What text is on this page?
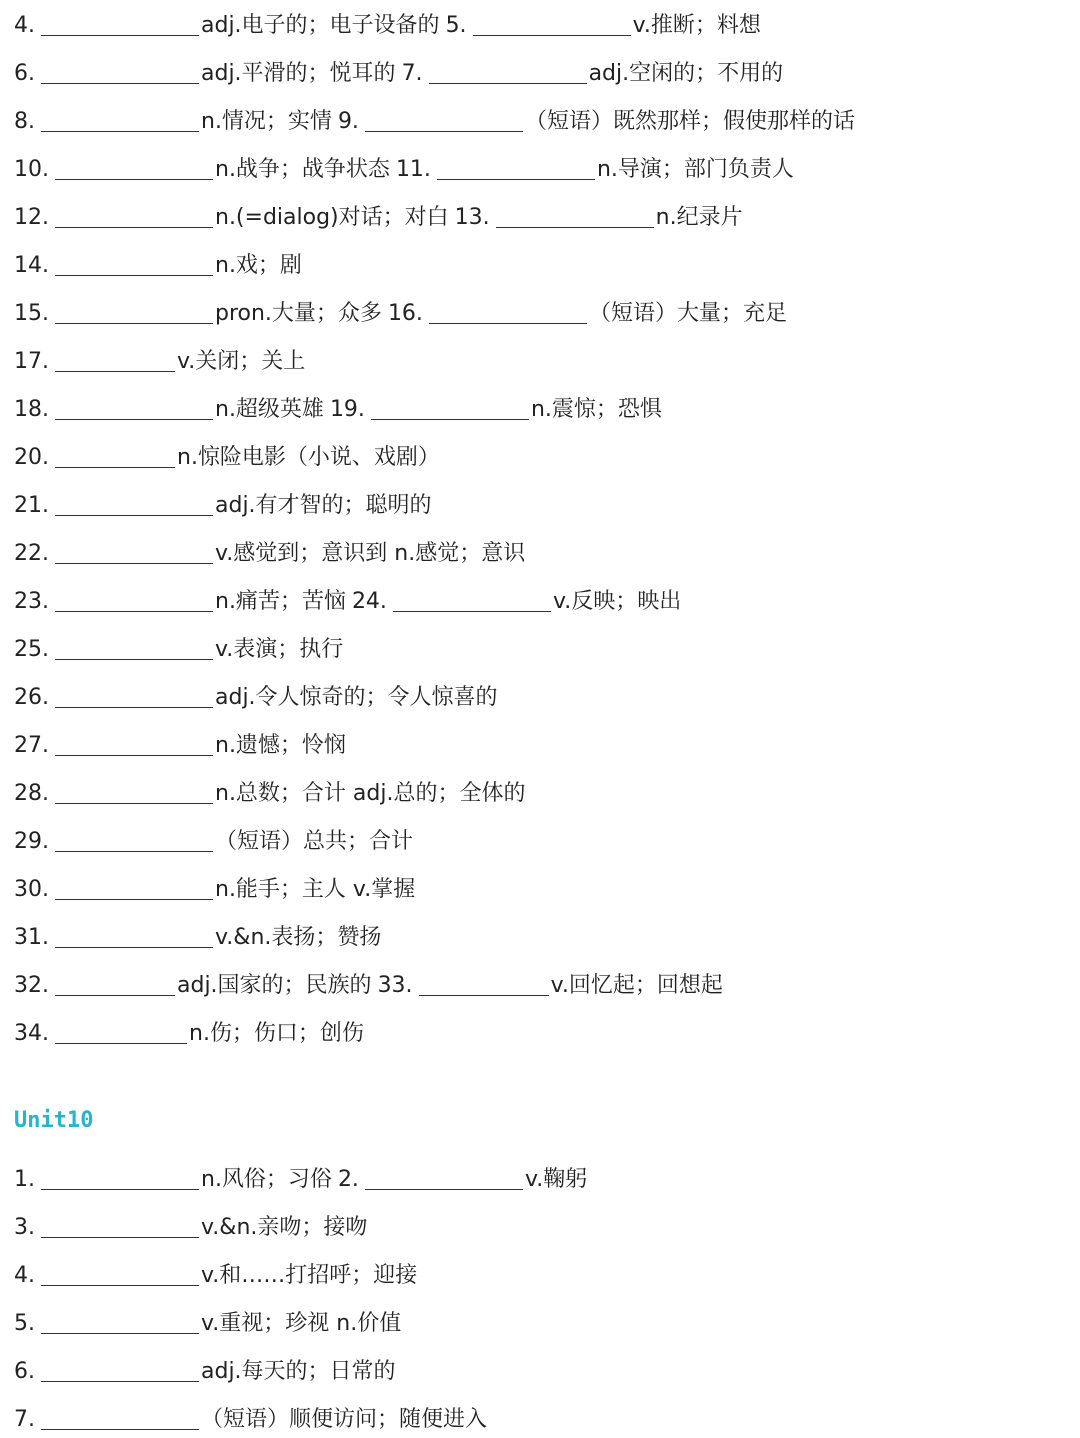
4.	adj.电子的；电子设备的 5.	v.推断；料想
6.	adj.平滑的；悦耳的 7.	adj.空闲的；不用的
8.	n.情况；实情 9.	（短语）既然那样；假使那样的话
10.	n.战争；战争状态 11.	n.导演；部门负责人
12.	n.(=dialog)对话；对白 13.	n.纪录片
14.	n.戏；剧
15.	pron.大量；众多 16.	（短语）大量；充足
17.	v.关闭；关上
18.	n.超级英雄 19.	n.震惊；恐惧
20.	n.惊险电影（小说、戏剧）
21.	adj.有才智的；聪明的
22.	v.感觉到；意识到 n.感觉；意识
23.	n.痛苦；苦恼 24.	v.反映；映出
25.	v.表演；执行
26.	adj.令人惊奇的；令人惊喜的
27.	n.遗憾；怜悯
28.	n.总数；合计 adj.总的；全体的
29.	（短语）总共；合计
30.	n.能手；主人 v.掌握
31.	v.&n.表扬；赞扬
32.	adj.国家的；民族的 33.	v.回忆起；回想起
34.	n.伤；伤口；创伤
Unit10
1.	n.风俗；习俗 2.	v.鞠躬
3.	v.&n.亲吻；接吻
4.	v.和……打招呼；迎接
5.	v.重视；珍视 n.价值
6.	adj.每天的；日常的
7.	（短语）顺便访问；随便进入
